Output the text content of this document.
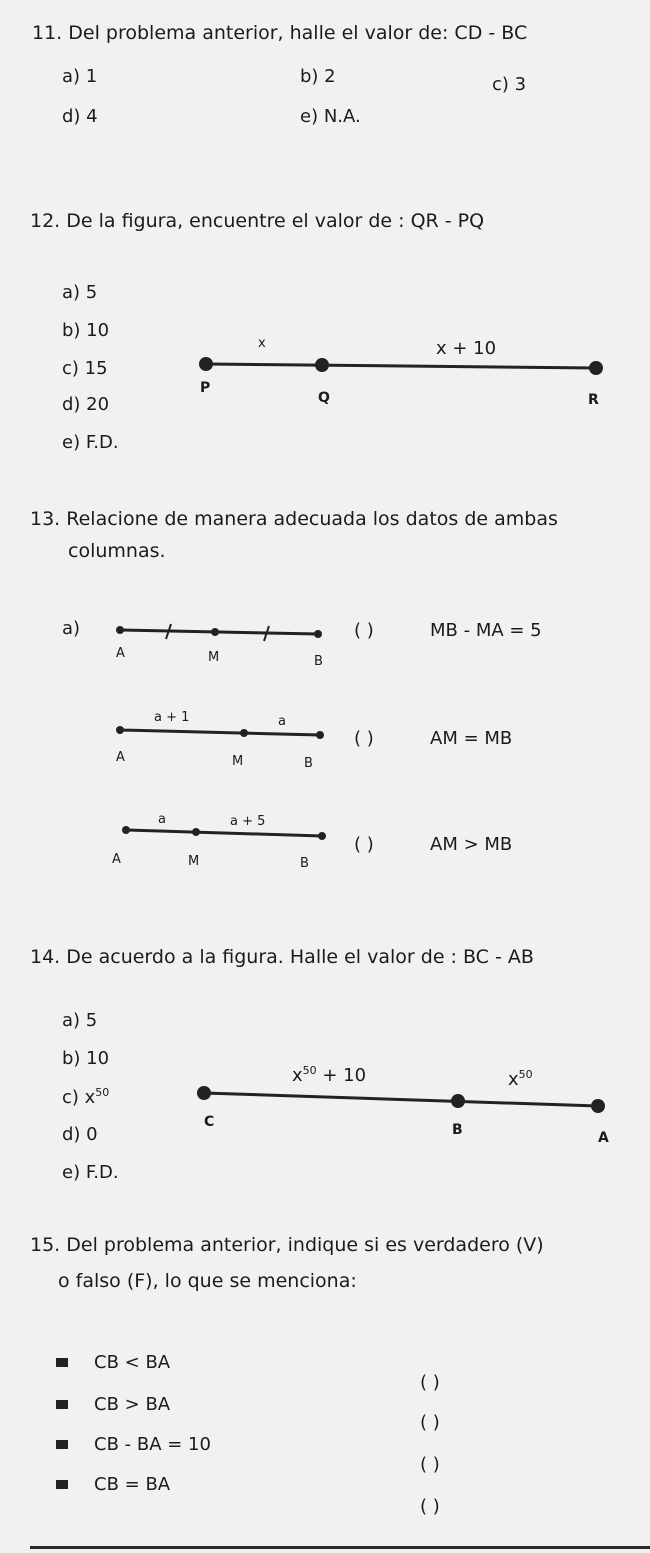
11. Del problema anterior, halle el valor de: CD - BC
a) 1	b) 2	c) 3
d) 4	e) N.A.
12. De la figura, encuentre el valor de : QR - PQ
a) 5
b) 10
c) 15
d) 20
e) F.D.
x	x + 10
P
Q	R
13. Relacione de manera adecuada los datos de ambas
columnas.
a)
A	M	B
a + 1	a
A	M	B
a	a + 5
A	M	B
( )	MB - MA = 5
( )	AM = MB
( )	AM > MB
14. De acuerdo a la figura. Halle el valor de : BC - AB
a) 5
b) 10
c) $x^{50}$
d) 0
e) F.D.
$x^{50} + 10$	$x^{50}$
C	B	A
15. Del problema anterior, indique si es verdadero (V)
o falso (F), lo que se menciona:
CB < BA
( )
CB > BA
( )
CB - BA = 10
( )
CB = BA
( )
